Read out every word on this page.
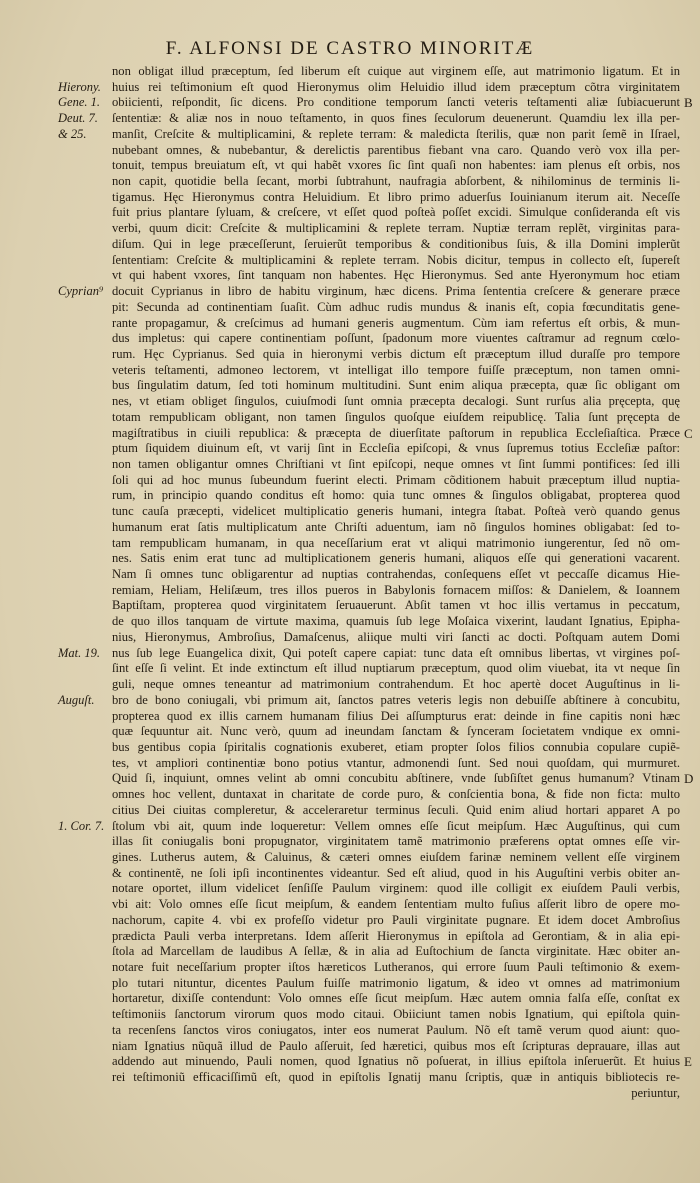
F. ALFONSI DE CASTRO MINORITÆ
non obligat illud præceptum, ſed liberum eſt cuique aut virginem eſſe, aut matrimonio ligatum. Et in
huius rei teſtimonium eſt quod Hieronymus olim Heluidio illud idem præceptum cõtra virginitatem
obiicienti, reſpondit, ſic dicens. Pro conditione temporum ſancti veteris teſtamenti aliæ ſubiacuerunt
ſententiæ: & aliæ nos in nouo teſtamento, in quos fines ſeculorum deuenerunt. Quamdiu lex illa per-
manſit, Creſcite & multiplicamini, & replete terram: & maledicta ſterilis, quæ non parit ſemẽ in Iſrael,
nubebant omnes, & nubebantur, & derelictis parentibus fiebant vna caro. Quando verò vox illa per-
tonuit, tempus breuiatum eſt, vt qui habẽt vxores ſic ſint quaſi non habentes: iam plenus eſt orbis, nos
non capit, quotidie bella ſecant, morbi ſubtrahunt, naufragia abſorbent, & nihilominus de terminis li-
tigamus. Hęc Hieronymus contra Heluidium. Et libro primo aduerſus Iouinianum iterum ait. Neceſſe
fuit prius plantare ſyluam, & creſcere, vt eſſet quod poſteà poſſet excidi. Simulque conſideranda eſt vis
verbi, quum dicit: Creſcite & multiplicamini & replete terram. Nuptiæ terram replẽt, virginitas para-
diſum. Qui in lege præceſſerunt, ſeruierũt temporibus & conditionibus ſuis, & illa Domini implerũt
ſententiam: Creſcite & multiplicamini & replete terram. Nobis dicitur, tempus in collecto eſt, ſupereſt
vt qui habent vxores, ſint tanquam non habentes. Hęc Hieronymus. Sed ante Hyeronymum hoc etiam
docuit Cyprianus in libro de habitu virginum, hæc dicens. Prima ſententia creſcere & generare præce
pit: Secunda ad continentiam ſuaſit. Cùm adhuc rudis mundus & inanis eſt, copia fœcunditatis gene-
rante propagamur, & creſcimus ad humani generis augmentum. Cùm iam refertus eſt orbis, & mun-
dus impletus: qui capere continentiam poſſunt, ſpadonum more viuentes caſtramur ad regnum cœlo-
rum. Hęc Cyprianus. Sed quia in hieronymi verbis dictum eſt præceptum illud duraſſe pro tempore
veteris teſtamenti, admoneo lectorem, vt intelligat illo tempore fuiſſe præceptum, non tamen omni-
bus ſingulatim datum, ſed toti hominum multitudini. Sunt enim aliqua præcepta, quæ ſic obligant om
nes, vt etiam obliget ſingulos, cuiuſmodi ſunt omnia præcepta decalogi. Sunt rurſus alia pręcepta, quę
totam rempublicam obligant, non tamen ſingulos quoſque eiuſdem reipublicę. Talia ſunt pręcepta de
magiſtratibus in ciuili republica: & præcepta de diuerſitate paſtorum in republica Eccleſiaſtica. Præce
ptum ſiquidem diuinum eſt, vt varij ſint in Eccleſia epiſcopi, & vnus ſupremus totius Eccleſiæ paſtor:
non tamen obligantur omnes Chriſtiani vt ſint epiſcopi, neque omnes vt ſint ſummi pontifices: ſed illi
ſoli qui ad hoc munus ſubeundum fuerint electi. Primam cõditionem habuit præceptum illud nuptia-
rum, in principio quando conditus eſt homo: quia tunc omnes & ſingulos obligabat, propterea quod
tunc cauſa præcepti, videlicet multiplicatio generis humani, integra ſtabat. Poſteà verò quando genus
humanum erat ſatis multiplicatum ante Chriſti aduentum, iam nõ ſingulos homines obligabat: ſed to-
tam rempublicam humanam, in qua neceſſarium erat vt aliqui matrimonio iungerentur, ſed nõ om-
nes. Satis enim erat tunc ad multiplicationem generis humani, aliquos eſſe qui generationi vacarent.
Nam ſi omnes tunc obligarentur ad nuptias contrahendas, conſequens eſſet vt peccaſſe dicamus Hie-
remiam, Heliam, Heliſæum, tres illos pueros in Babylonis fornacem miſſos: & Danielem, & Ioannem
Baptiſtam, propterea quod virginitatem ſeruauerunt. Abſit tamen vt hoc illis vertamus in peccatum,
de quo illos tanquam de virtute maxima, quamuis ſub lege Moſaica vixerint, laudant Ignatius, Epipha-
nius, Hieronymus, Ambroſius, Damaſcenus, aliique multi viri ſancti ac docti. Poſtquam autem Domi
nus ſub lege Euangelica dixit, Qui poteſt capere capiat: tunc data eſt omnibus libertas, vt virgines poſ-
ſint eſſe ſi velint. Et inde extinctum eſt illud nuptiarum præceptum, quod olim viuebat, ita vt neque ſin
guli, neque omnes teneantur ad matrimonium contrahendum. Et hoc apertè docet Auguſtinus in li-
bro de bono coniugali, vbi primum ait, ſanctos patres veteris legis non debuiſſe abſtinere à concubitu,
propterea quod ex illis carnem humanam filius Dei aſſumpturus erat: deinde in fine capitis noni hæc
quæ ſequuntur ait. Nunc verò, quum ad ineundam ſanctam & ſynceram ſocietatem vndique ex omni-
bus gentibus copia ſpiritalis cognationis exuberet, etiam propter ſolos filios connubia copulare cupiẽ-
tes, vt ampliori continentiæ bono potius vtantur, admonendi ſunt. Sed noui quoſdam, qui murmuret.
Quid ſi, inquiunt, omnes velint ab omni concubitu abſtinere, vnde ſubſiſtet genus humanum? Vtinam
omnes hoc vellent, duntaxat in charitate de corde puro, & conſcientia bona, & fide non ficta: multo
citius Dei ciuitas compleretur, & acceleraretur terminus ſeculi. Quid enim aliud hortari apparet A po
ſtolum vbi ait, quum inde loqueretur: Vellem omnes eſſe ſicut meipſum. Hæc Auguſtinus, qui cum
illas ſit coniugalis boni propugnator, virginitatem tamẽ matrimonio præferens optat omnes eſſe vir-
gines. Lutherus autem, & Caluinus, & cæteri omnes eiuſdem farinæ neminem vellent eſſe virginem
& continentẽ, ne ſoli ipſi incontinentes videantur. Sed eſt aliud, quod in his Auguſtini verbis obiter an-
notare oportet, illum videlicet ſenſiſſe Paulum virginem: quod ille colligit ex eiuſdem Pauli verbis,
vbi ait: Volo omnes eſſe ſicut meipſum, & eandem ſententiam multo fuſius aſſerit libro de opere mo-
nachorum, capite 4. vbi ex profeſſo videtur pro Pauli virginitate pugnare. Et idem docet Ambroſius
prædicta Pauli verba interpretans. Idem aſſerit Hieronymus in epiſtola ad Gerontiam, & in alia epi-
ſtola ad Marcellam de laudibus A ſellæ, & in alia ad Euſtochium de ſancta virginitate. Hæc obiter an-
notare fuit neceſſarium propter iſtos hæreticos Lutheranos, qui errore ſuum Pauli teſtimonio & exem-
plo tutari nituntur, dicentes Paulum fuiſſe matrimonio ligatum, & ideo vt omnes ad matrimonium
hortaretur, dixiſſe contendunt: Volo omnes eſſe ſicut meipſum. Hæc autem omnia falſa eſſe, conſtat ex
teſtimoniis ſanctorum virorum quos modo citaui. Obiiciunt tamen nobis Ignatium, qui epiſtola quin-
ta recenſens ſanctos viros coniugatos, inter eos numerat Paulum. Nõ eſt tamẽ verum quod aiunt: quo-
niam Ignatius nũquã illud de Paulo aſſeruit, ſed hæretici, quibus mos eſt ſcripturas deprauare, illas aut
addendo aut minuendo, Pauli nomen, quod Ignatius nõ poſuerat, in illius epiſtola inſeruerũt. Et huius
rei teſtimoniũ efficaciſſimũ eſt, quod in epiſtolis Ignatij manu ſcriptis, quæ in antiquis bibliotecis re-
Hierony.
Gene. 1.
Deut. 7.
& 25.
Cyprian⁹
Mat. 19.
Auguſt.
1. Cor. 7.
B
C
D
E
periuntur,
